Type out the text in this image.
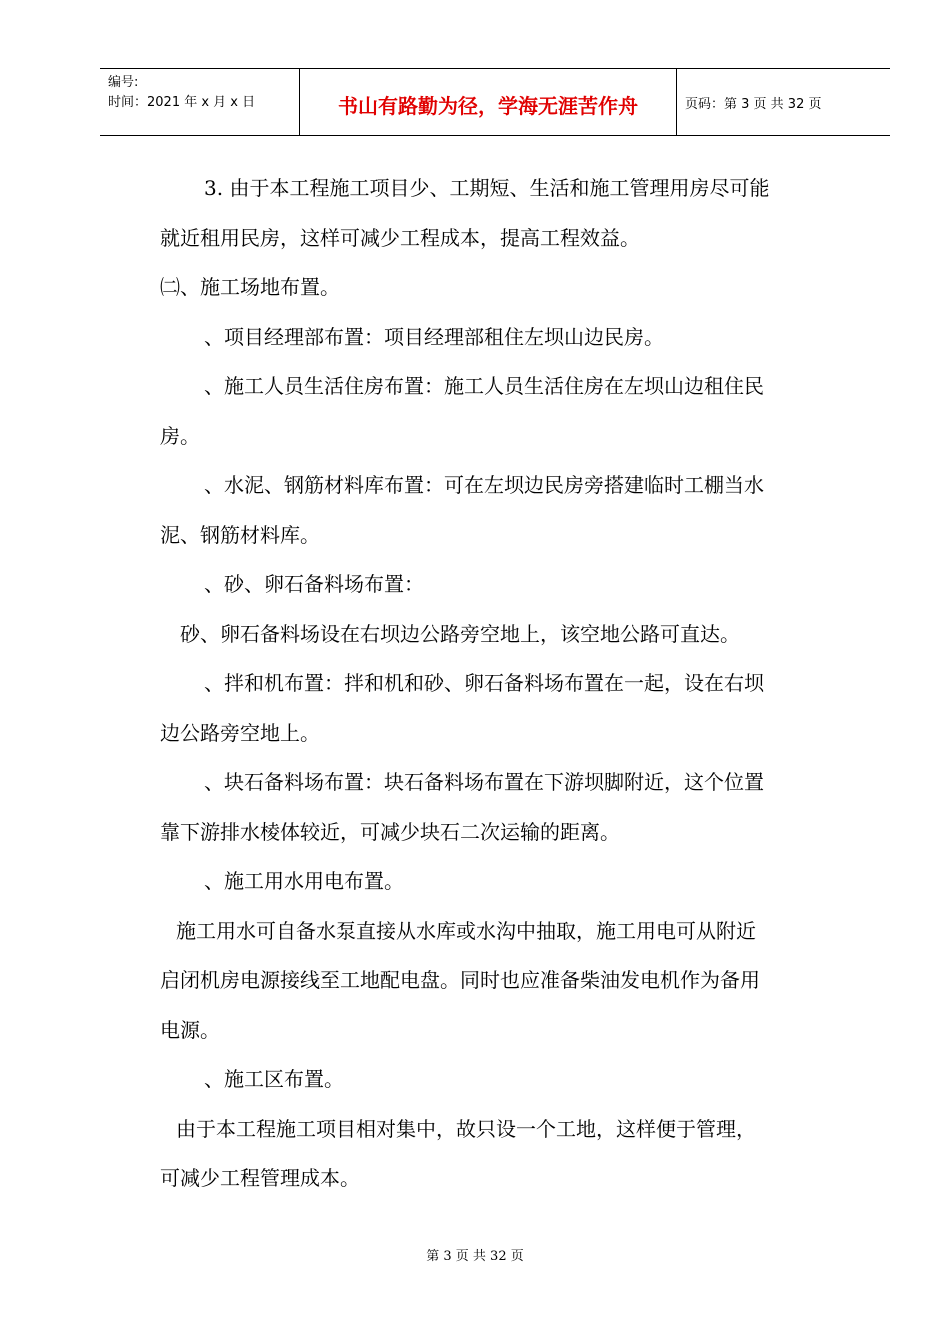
编号:
时间：2021 年 x 月 x 日	书山有路勤为径，学海无涯苦作舟	页码：第 3 页 共 32 页

3. 由于本工程施工项目少、工期短、生活和施工管理用房尽可能

就近租用民房，这样可减少工程成本，提高工程效益。

㈡、施工场地布置。

、项目经理部布置：项目经理部租住左坝山边民房。

、施工人员生活住房布置：施工人员生活住房在左坝山边租住民

房。

、水泥、钢筋材料库布置：可在左坝边民房旁搭建临时工棚当水

泥、钢筋材料库。

、砂、卵石备料场布置：

砂、卵石备料场设在右坝边公路旁空地上，该空地公路可直达。

、拌和机布置：拌和机和砂、卵石备料场布置在一起，设在右坝

边公路旁空地上。

、块石备料场布置：块石备料场布置在下游坝脚附近，这个位置

靠下游排水棱体较近，可减少块石二次运输的距离。

、施工用水用电布置。

施工用水可自备水泵直接从水库或水沟中抽取，施工用电可从附近

启闭机房电源接线至工地配电盘。同时也应准备柴油发电机作为备用

电源。

、施工区布置。

由于本工程施工项目相对集中，故只设一个工地，这样便于管理，

可减少工程管理成本。

第 3 页 共 32 页
